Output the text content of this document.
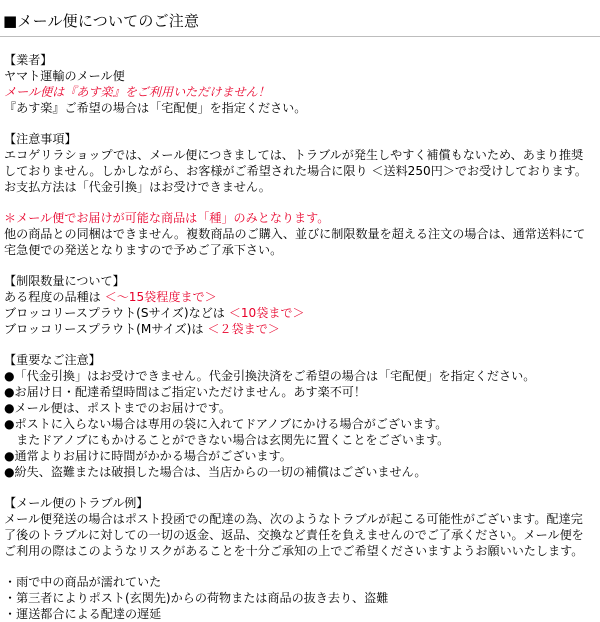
■メール便についてのご注意
【業者】
ヤマト運輸のメール便
メール便は『あす楽』をご利用いただけません！
『あす楽』ご希望の場合は「宅配便」を指定ください。
【注意事項】
エコゲリラショップでは、メール便につきましては、トラブルが発生しやすく補償もないため、あまり推奨しておりません。しかしながら、お客様がご希望された場合に限り ＜送料250円＞でお受けしております。
お支払方法は「代金引換」はお受けできません。
＊メール便でお届けが可能な商品は「種」のみとなります。
他の商品との同梱はできません。複数商品のご購入、並びに制限数量を超える注文の場合は、通常送料にて宅急便での発送となりますので予めご了承下さい。
【制限数量について】
ある程度の品種は ＜～15袋程度まで＞
ブロッコリースプラウト(Sサイズ)などは ＜10袋まで＞
ブロッコリースプラウト(Mサイズ)は ＜２袋まで＞
【重要なご注意】
●「代金引換」はお受けできません。代金引換決済をご希望の場合は「宅配便」を指定ください。
●お届け日・配達希望時間はご指定いただけません。あす楽不可！
●メール便は、ポストまでのお届けです。
●ポストに入らない場合は専用の袋に入れてドアノブにかける場合がございます。
　またドアノブにもかけることができない場合は玄関先に置くことをございます。
●通常よりお届けに時間がかかる場合がございます。
●紛失、盗難または破損した場合は、当店からの一切の補償はございません。
【メール便のトラブル例】
メール便発送の場合はポスト投函での配達の為、次のようなトラブルが起こる可能性がございます。配達完了後のトラブルに対しての一切の返金、返品、交換など責任を負えませんのでご了承ください。メール便をご利用の際はこのようなリスクがあることを十分ご承知の上でご希望くださいますようお願いいたします。
・雨で中の商品が濡れていた
・第三者によりポスト(玄関先)からの荷物または商品の抜き去り、盗難
・運送都合による配達の遅延
